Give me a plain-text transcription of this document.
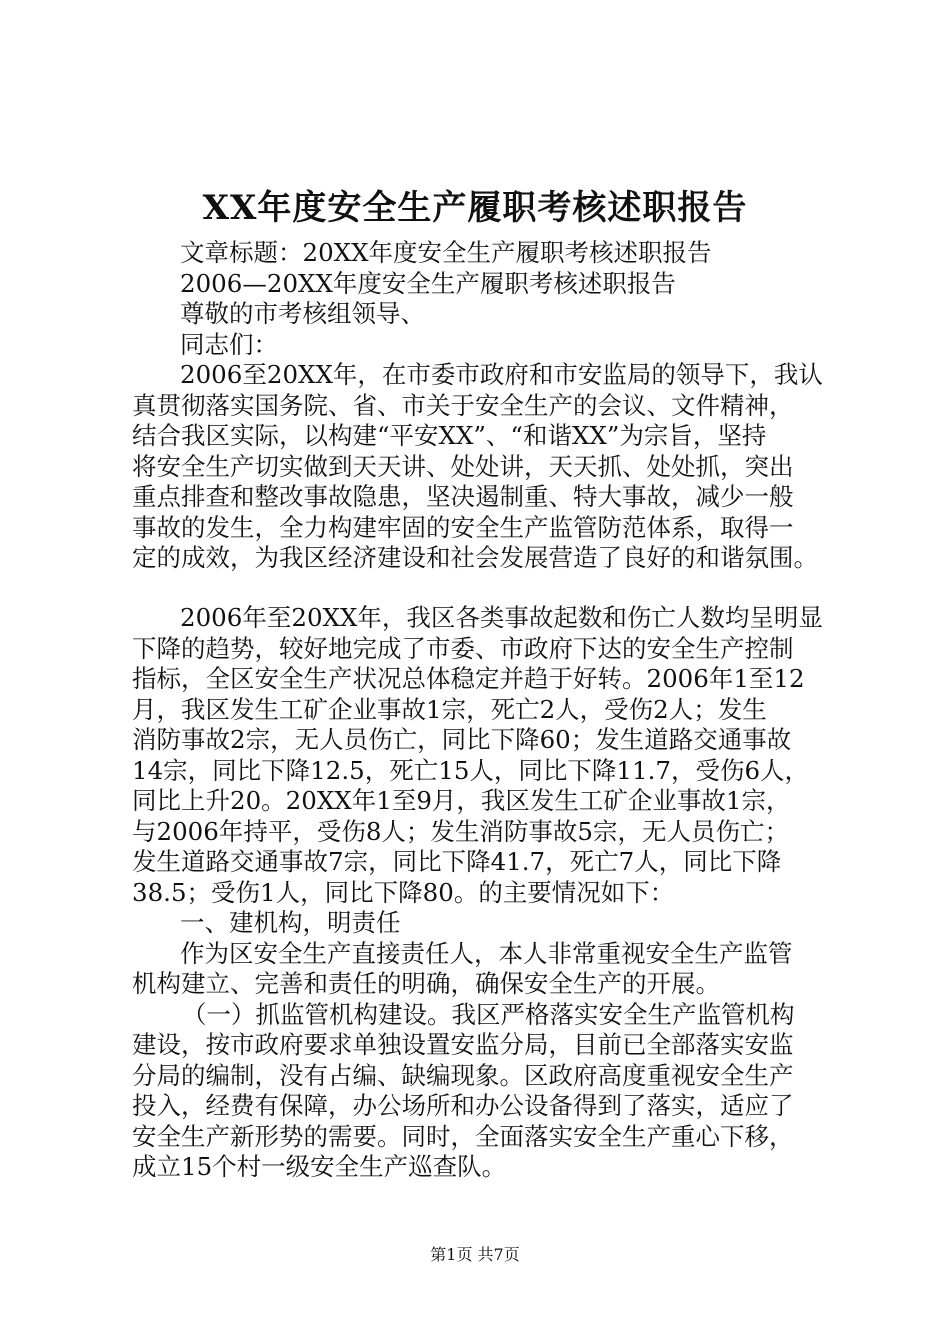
XX年度安全生产履职考核述职报告
文章标题：20XX年度安全生产履职考核述职报告
2006—20XX年度安全生产履职考核述职报告
尊敬的市考核组领导、
同志们：
2006至20XX年，在市委市政府和市安监局的领导下，我认
真贯彻落实国务院、省、市关于安全生产的会议、文件精神，
结合我区实际，以构建“平安XX”、“和谐XX”为宗旨，坚持
将安全生产切实做到天天讲、处处讲，天天抓、处处抓，突出
重点排查和整改事故隐患，坚决遏制重、特大事故，减少一般
事故的发生，全力构建牢固的安全生产监管防范体系，取得一
定的成效，为我区经济建设和社会发展营造了良好的和谐氛围。
2006年至20XX年，我区各类事故起数和伤亡人数均呈明显
下降的趋势，较好地完成了市委、市政府下达的安全生产控制
指标，全区安全生产状况总体稳定并趋于好转。2006年1至12
月，我区发生工矿企业事故1宗，死亡2人，受伤2人；发生
消防事故2宗，无人员伤亡，同比下降60；发生道路交通事故
14宗，同比下降12.5，死亡15人，同比下降11.7，受伤6人，
同比上升20。20XX年1至9月，我区发生工矿企业事故1宗，
与2006年持平，受伤8人；发生消防事故5宗，无人员伤亡；
发生道路交通事故7宗，同比下降41.7，死亡7人，同比下降
38.5；受伤1人，同比下降80。的主要情况如下：
一、建机构，明责任
作为区安全生产直接责任人，本人非常重视安全生产监管
机构建立、完善和责任的明确，确保安全生产的开展。
（一）抓监管机构建设。我区严格落实安全生产监管机构
建设，按市政府要求单独设置安监分局，目前已全部落实安监
分局的编制，没有占编、缺编现象。区政府高度重视安全生产
投入，经费有保障，办公场所和办公设备得到了落实，适应了
安全生产新形势的需要。同时，全面落实安全生产重心下移，
成立15个村一级安全生产巡查队。
第1页 共7页
